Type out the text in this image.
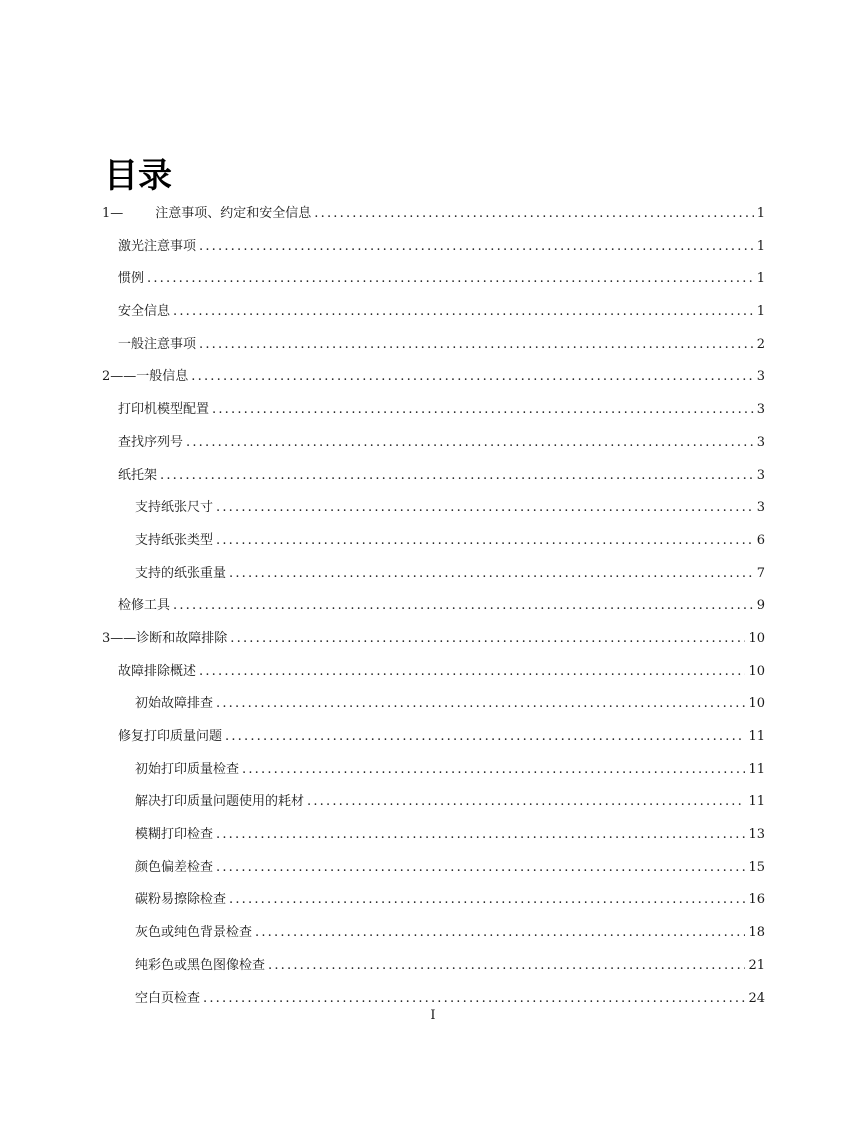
目录
1— 注意事项、约定和安全信息 .....	1
激光注意事项 .....	1
惯例 .....	1
安全信息 .....	1
一般注意事项 .....	2
2—— 一般信息 .....	3
打印机模型配置 .....	3
查找序列号 .....	3
纸托架 .....	3
支持纸张尺寸 .....	3
支持纸张类型 .....	6
支持的纸张重量 .....	7
检修工具 .....	9
3—— 诊断和故障排除 .....	10
故障排除概述 .....	10
初始故障排查 .....	10
修复打印质量问题 .....	11
初始打印质量检查 .....	11
解决打印质量问题使用的耗材 .....	11
模糊打印检查 .....	13
颜色偏差检查 .....	15
碳粉易擦除检查 .....	16
灰色或纯色背景检查 .....	18
纯彩色或黑色图像检查 .....	21
空白页检查 .....	24
I
